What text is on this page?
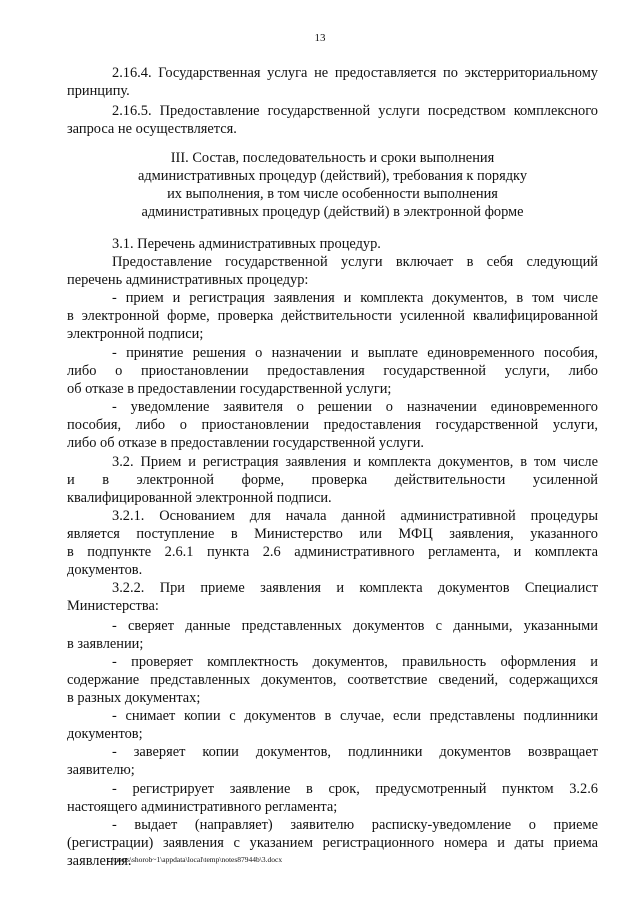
13
2.16.4. Государственная услуга не предоставляется по экстерриториальному
принципу.
2.16.5. Предоставление государственной услуги посредством комплексного
запроса не осуществляется.
III. Состав, последовательность и сроки выполнения
административных процедур (действий), требования к порядку
их выполнения, в том числе особенности выполнения
административных процедур (действий) в электронной форме
3.1. Перечень административных процедур.
Предоставление государственной услуги включает в себя следующий
перечень административных процедур:
- прием и регистрация заявления и комплекта документов, в том числе
в электронной форме, проверка действительности усиленной квалифицированной
электронной подписи;
- принятие решения о назначении и выплате единовременного пособия,
либо о приостановлении предоставления государственной услуги, либо
об отказе в предоставлении государственной услуги;
- уведомление заявителя о решении о назначении единовременного
пособия, либо о приостановлении предоставления государственной услуги,
либо об отказе в предоставлении государственной услуги.
3.2. Прием и регистрация заявления и комплекта документов, в том числе
и в электронной форме, проверка действительности усиленной
квалифицированной электронной подписи.
3.2.1. Основанием для начала данной административной процедуры
является поступление в Министерство или МФЦ заявления, указанного
в подпункте 2.6.1 пункта 2.6 административного регламента, и комплекта
документов.
3.2.2. При приеме заявления и комплекта документов Специалист
Министерства:
- сверяет данные представленных документов с данными, указанными
в заявлении;
- проверяет комплектность документов, правильность оформления и
содержание представленных документов, соответствие сведений, содержащихся
в разных документах;
- снимает копии с документов в случае, если представлены подлинники
документов;
- заверяет копии документов, подлинники документов возвращает
заявителю;
- регистрирует заявление в срок, предусмотренный пунктом 3.2.6
настоящего административного регламента;
- выдает (направляет) заявителю расписку-уведомление о приеме
(регистрации) заявления с указанием регистрационного номера и даты приема
заявления.
c:\users\shorob~1\appdata\local\temp\notes87944b\3.docx
